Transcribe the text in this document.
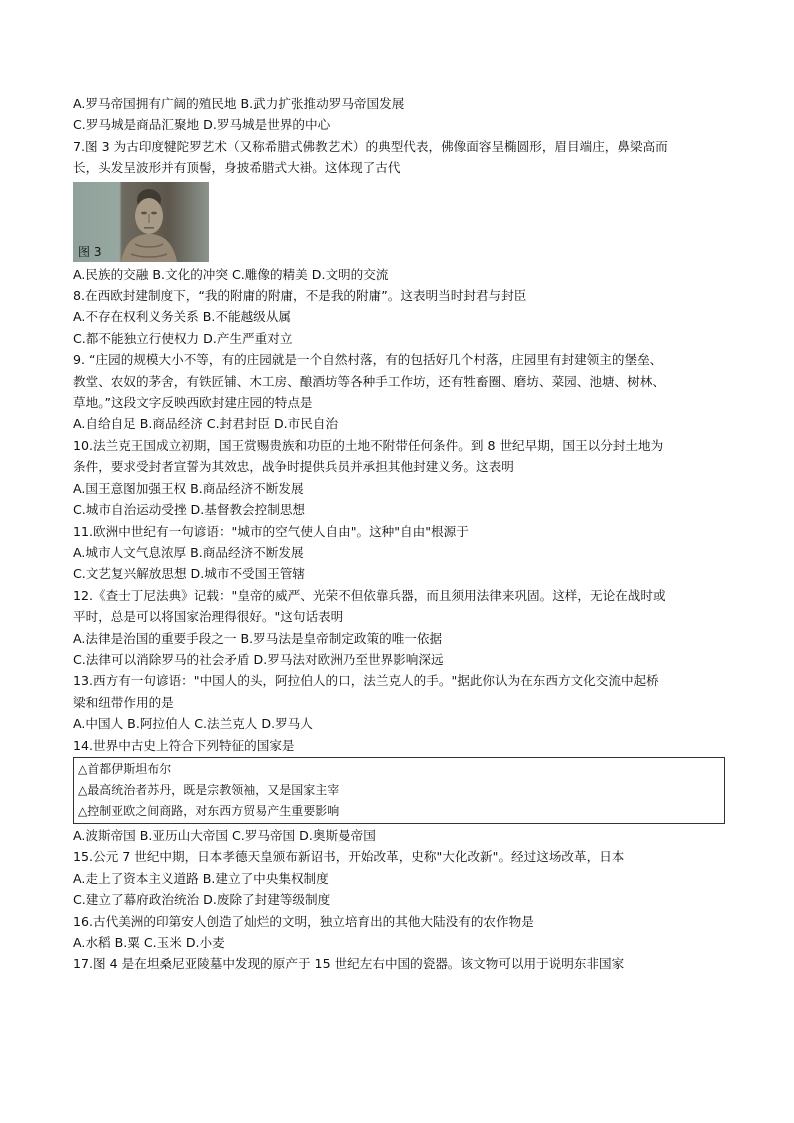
A.罗马帝国拥有广阔的殖民地 B.武力扩张推动罗马帝国发展
C.罗马城是商品汇聚地 D.罗马城是世界的中心
7.图 3 为古印度犍陀罗艺术（又称希腊式佛教艺术）的典型代表，佛像面容呈椭圆形，眉目端庄，鼻梁高而
长，头发呈波形并有顶髻，身披希腊式大褂。这体现了古代
图 3
A.民族的交融 B.文化的冲突 C.雕像的精美 D.文明的交流
8.在西欧封建制度下，“我的附庸的附庸，不是我的附庸”。这表明当时封君与封臣
A.不存在权利义务关系 B.不能越级从属
C.都不能独立行使权力 D.产生严重对立
9. “庄园的规模大小不等，有的庄园就是一个自然村落，有的包括好几个村落，庄园里有封建领主的堡垒、
教堂、农奴的茅舍，有铁匠铺、木工房、酿酒坊等各种手工作坊，还有牲畜圈、磨坊、菜园、池塘、树林、
草地。”这段文字反映西欧封建庄园的特点是
A.自给自足 B.商品经济 C.封君封臣 D.市民自治
10.法兰克王国成立初期，国王赏赐贵族和功臣的土地不附带任何条件。到 8 世纪早期，国王以分封土地为
条件，要求受封者宣誓为其效忠，战争时提供兵员并承担其他封建义务。这表明
A.国王意图加强王权 B.商品经济不断发展
C.城市自治运动受挫 D.基督教会控制思想
11.欧洲中世纪有一句谚语："城市的空气使人自由"。这种"自由"根源于
A.城市人文气息浓厚 B.商品经济不断发展
C.文艺复兴解放思想 D.城市不受国王管辖
12.《查士丁尼法典》记载："皇帝的威严、光荣不但依靠兵器，而且须用法律来巩固。这样，无论在战时或
平时，总是可以将国家治理得很好。"这句话表明
A.法律是治国的重要手段之一 B.罗马法是皇帝制定政策的唯一依据
C.法律可以消除罗马的社会矛盾 D.罗马法对欧洲乃至世界影响深远
13.西方有一句谚语："中国人的头，阿拉伯人的口，法兰克人的手。"据此你认为在东西方文化交流中起桥
梁和纽带作用的是
A.中国人 B.阿拉伯人 C.法兰克人 D.罗马人
14.世界中古史上符合下列特征的国家是
△首都伊斯坦布尔
△最高统治者苏丹，既是宗教领袖，又是国家主宰
△控制亚欧之间商路，对东西方贸易产生重要影响
A.波斯帝国 B.亚历山大帝国 C.罗马帝国 D.奥斯曼帝国
15.公元 7 世纪中期，日本孝德天皇颁布新诏书，开始改革，史称"大化改新"。经过这场改革，日本
A.走上了资本主义道路 B.建立了中央集权制度
C.建立了幕府政治统治 D.废除了封建等级制度
16.古代美洲的印第安人创造了灿烂的文明，独立培育出的其他大陆没有的农作物是
A.水稻 B.粟 C.玉米 D.小麦
17.图 4 是在坦桑尼亚陵墓中发现的原产于 15 世纪左右中国的瓷器。该文物可以用于说明东非国家
